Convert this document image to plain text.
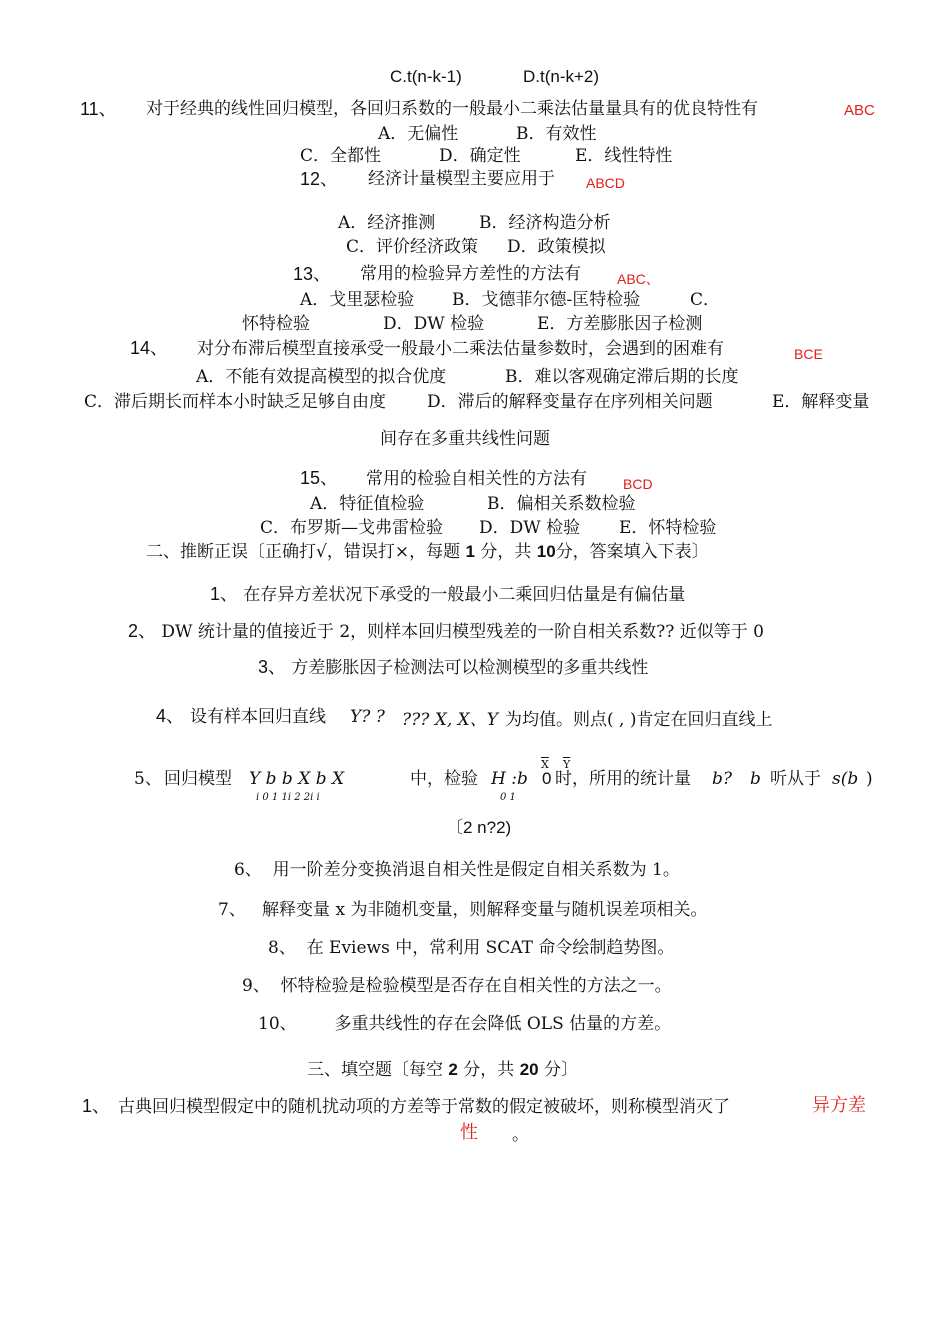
C.t(n-k-1)	D.t(n-k+2)
11、 对于经典的线性回归模型，各回归系数的一般最小二乘法估量量具有的优良特性有	ABC
A．无偏性	B．有效性
C．全都性	D．确定性	E．线性特性
12、 经济计量模型主要应用于 ABCD
A．经济推测	B．经济构造分析
C．评价经济政策 D．政策模拟
13、 常用的检验异方差性的方法有	ABC、
A．戈里瑟检验 B．戈德菲尔德-匡特检验	C．
怀特检验	D．DW 检验	E．方差膨胀因子检测
14、 对分布滞后模型直接承受一般最小二乘法估量参数时，会遇到的困难有	BCE
A．不能有效提高模型的拟合优度	B．难以客观确定滞后期的长度
C．滞后期长而样本小时缺乏足够自由度 D．滞后的解释变量存在序列相关问题	E．解释变量
间存在多重共线性问题
15、 常用的检验自相关性的方法有	BCD
A．特征值检验	B．偏相关系数检验
C．布罗斯—戈弗雷检验 D．DW 检验 E．怀特检验
二、推断正误〔正确打√，错误打×，每题 1 分，共 10分，答案填入下表〕
1、 在存异方差状况下承受的一般最小二乘回归估量是有偏估量
2、 DW 统计量的值接近于 2，则样本回归模型残差的一阶自相关系数?? 近似等于 0
3、 方差膨胀因子检测法可以检测模型的多重共线性
4、 设有样本回归直线 Y? ? ??? X, X、Y 为均值。则点( , )肯定在回归直线上
5、 回归模型 Y b b X b X
i 0 1 1i 2 2i i
中，检验 H :b
0 1
$\overline{X}$ $\overline{Y}$
0 时，所用的统计量 b? b 听从于 s(b )
〔2 n?2)
6、 用一阶差分变换消退自相关性是假定自相关系数为 1。
7、 解释变量 x 为非随机变量，则解释变量与随机误差项相关。
8、 在 Eviews 中，常利用 SCAT 命令绘制趋势图。
9、 怀特检验是检验模型是否存在自相关性的方法之一。
10、 多重共线性的存在会降低 OLS 估量的方差。
三、填空题〔每空 2 分，共 20 分〕
1、 古典回归模型假定中的随机扰动项的方差等于常数的假定被破坏，则称模型消灭了	异方差
性 。
